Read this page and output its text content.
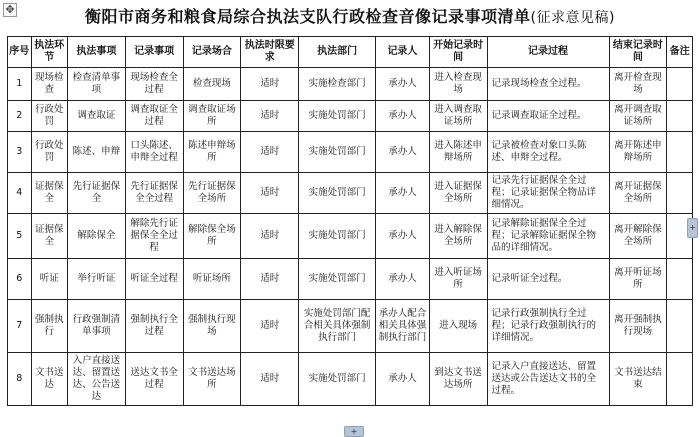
✥	衡阳市商务和粮食局综合执法支队行政检查音像记录事项清单(征求意见稿)
序号	执法环节	执法事项	记录事项	记录场合	执法时限要求	执法部门	记录人	开始记录时间	记录过程	结束记录时间	备注
1	现场检查	检查清单事项	现场检查全过程	检查现场	适时	实施检查部门	承办人	进入检查现场	记录现场检查全过程。	离开检查现场	
2	行政处罚	调查取证	调查取证全过程	调查取证场所	适时	实施处罚部门	承办人	进入调查取证场所	记录调查取证全过程。	离开调查取证场所	
3	行政处罚	陈述、申辩	口头陈述、申辩全过程	陈述申辩场所	适时	实施处罚部门	承办人	进入陈述申辩场所	记录被检查对象口头陈述、申辩全过程。	离开陈述申辩场所	
4	证据保全	先行证据保全	先行证据保全全过程	先行证据保全场所	适时	实施处罚部门	承办人	进入证据保全场所	记录先行证据保全全过程；记录证据保全物品详细情况。	离开证据保全场所	
5	证据保全	解除保全	解除先行证据保全全过程	解除保全场所	适时	实施处罚部门	承办人	进入解除保全场所	记录解除证据保全全过程；记录解除证据保全物品的详细情况。	离开解除保全场所	
6	听证	举行听证	听证全过程	听证场所	适时	实施处罚部门	承办人	进入听证场所	记录听证全过程。	离开听证场所	
7	强制执行	行政强制清单事项	强制执行全过程	强制执行现场	适时	实施处罚部门配合相关具体强制执行部门	承办人配合相关具体强制执行部门	进入现场	记录行政强制执行全过程；记录行政强制执行的详细情况。	离开强制执行现场	
8	文书送达	入户直接送达、留置送达、公告送达	送达文书全过程	文书送达场所	适时	实施处罚部门	承办人	到达文书送达场所	记录入户直接送达、留置送达或公告送达文书的全过程。	文书送达结束	
+
+
